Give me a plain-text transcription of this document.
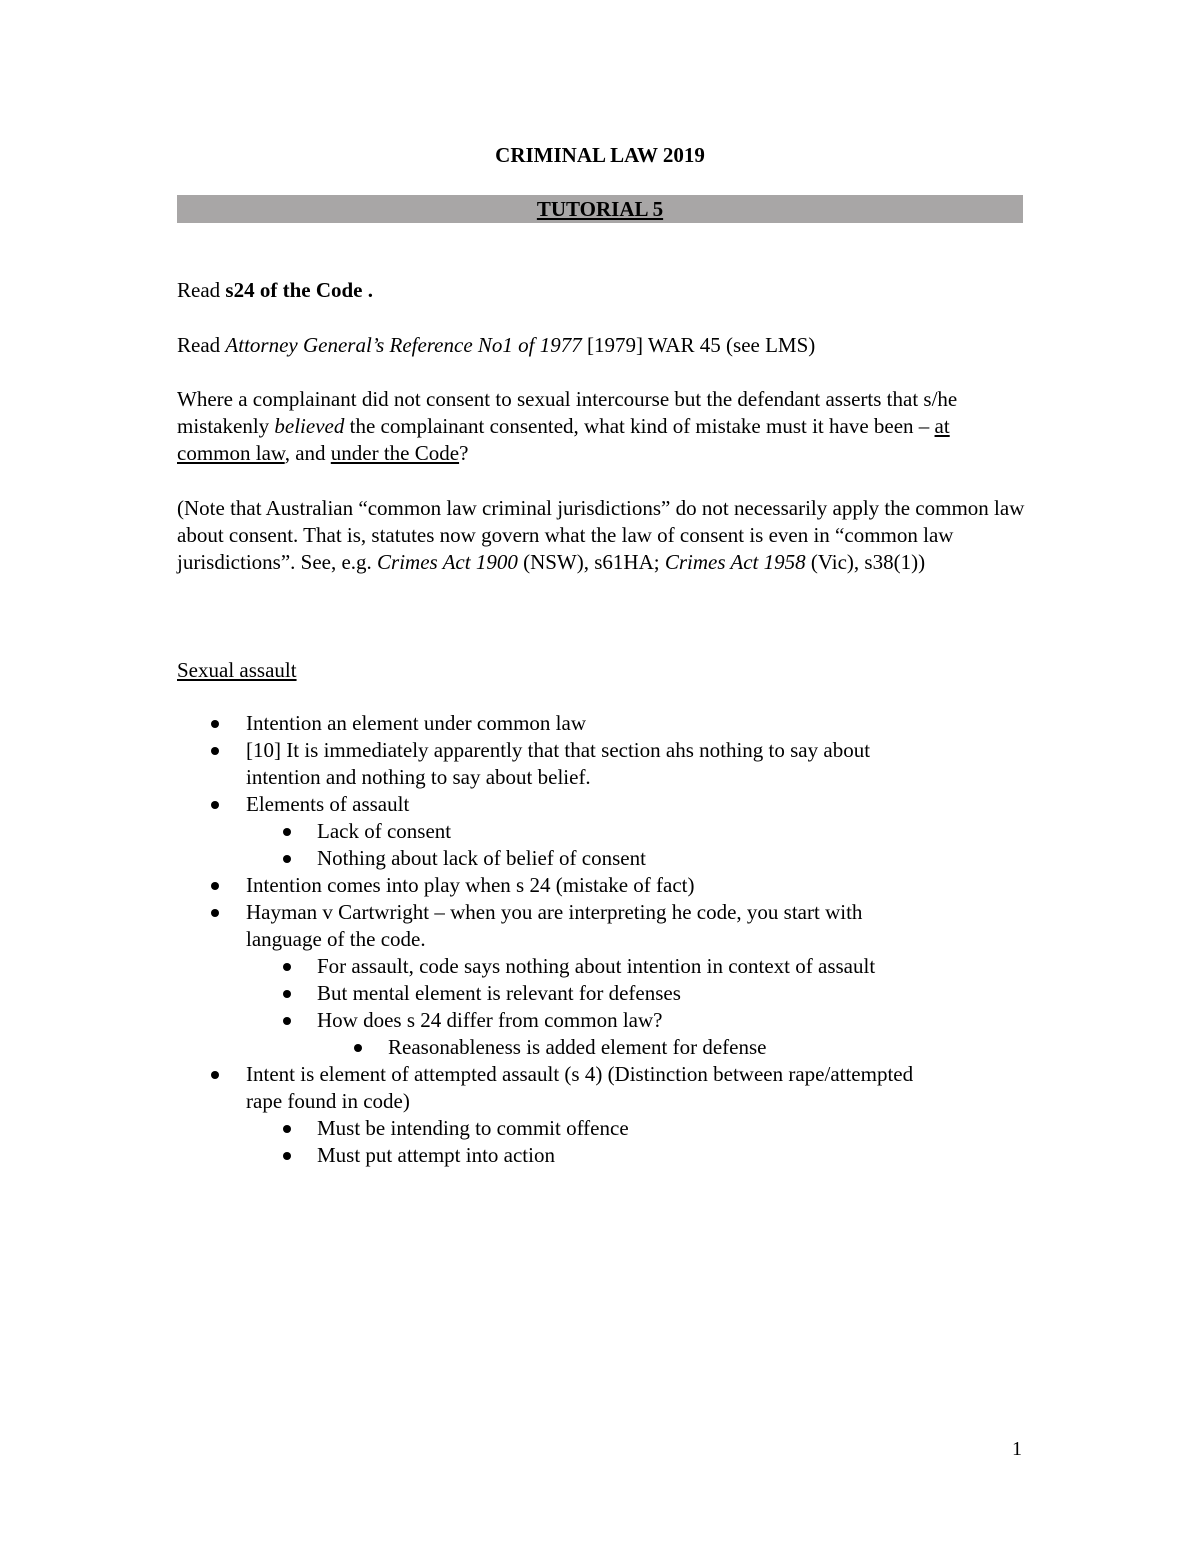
CRIMINAL LAW 2019
TUTORIAL 5
Read s24 of the Code .
Read Attorney General’s Reference No1 of 1977 [1979] WAR 45 (see LMS)
Where a complainant did not consent to sexual intercourse but the defendant asserts that s/he mistakenly believed the complainant consented, what kind of mistake must it have been – at common law, and under the Code?
(Note that Australian “common law criminal jurisdictions” do not necessarily apply the common law about consent. That is, statutes now govern what the law of consent is even in “common law jurisdictions”. See, e.g. Crimes Act 1900 (NSW), s61HA; Crimes Act 1958 (Vic), s38(1))
Sexual assault
Intention an element under common law
[10] It is immediately apparently that that section ahs nothing to say about
intention and nothing to say about belief.
Elements of assault
Lack of consent
Nothing about lack of belief of consent
Intention comes into play when s 24 (mistake of fact)
Hayman v Cartwright – when you are interpreting he code, you start with
language of the code.
For assault, code says nothing about intention in context of assault
But mental element is relevant for defenses
How does s 24 differ from common law?
Reasonableness is added element for defense
Intent is element of attempted assault (s 4) (Distinction between rape/attempted
rape found in code)
Must be intending to commit offence
Must put attempt into action
1
